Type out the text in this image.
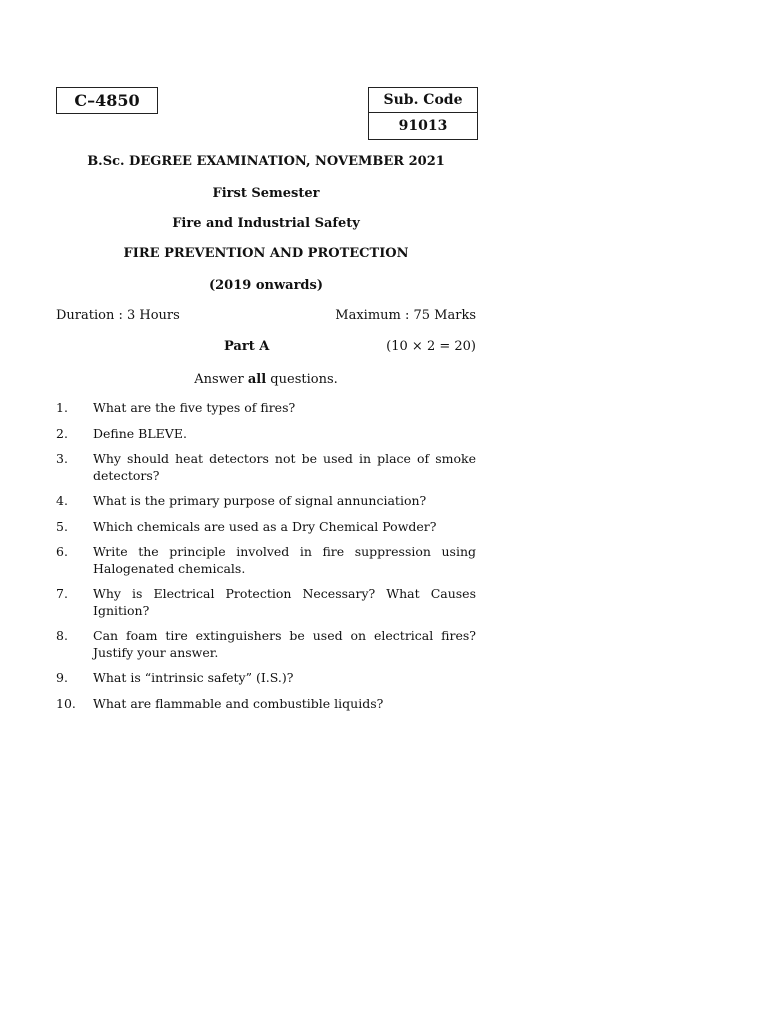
C–4850	Sub. Code
91013
B.Sc. DEGREE EXAMINATION, NOVEMBER 2021
First Semester
Fire and Industrial Safety
FIRE PREVENTION AND PROTECTION
(2019 onwards)
Duration : 3 Hours	Maximum : 75 Marks
Part A	(10 × 2 = 20)
Answer all questions.
1.	What are the five types of fires?
2.	Define BLEVE.
3.	Why should heat detectors not be used in place of smoke detectors?
4.	What is the primary purpose of signal annunciation?
5.	Which chemicals are used as a Dry Chemical Powder?
6.	Write the principle involved in fire suppression using Halogenated chemicals.
7.	Why is Electrical Protection Necessary? What Causes Ignition?
8.	Can foam tire extinguishers be used on electrical fires? Justify your answer.
9.	What is “intrinsic safety” (I.S.)?
10.	What are flammable and combustible liquids?
